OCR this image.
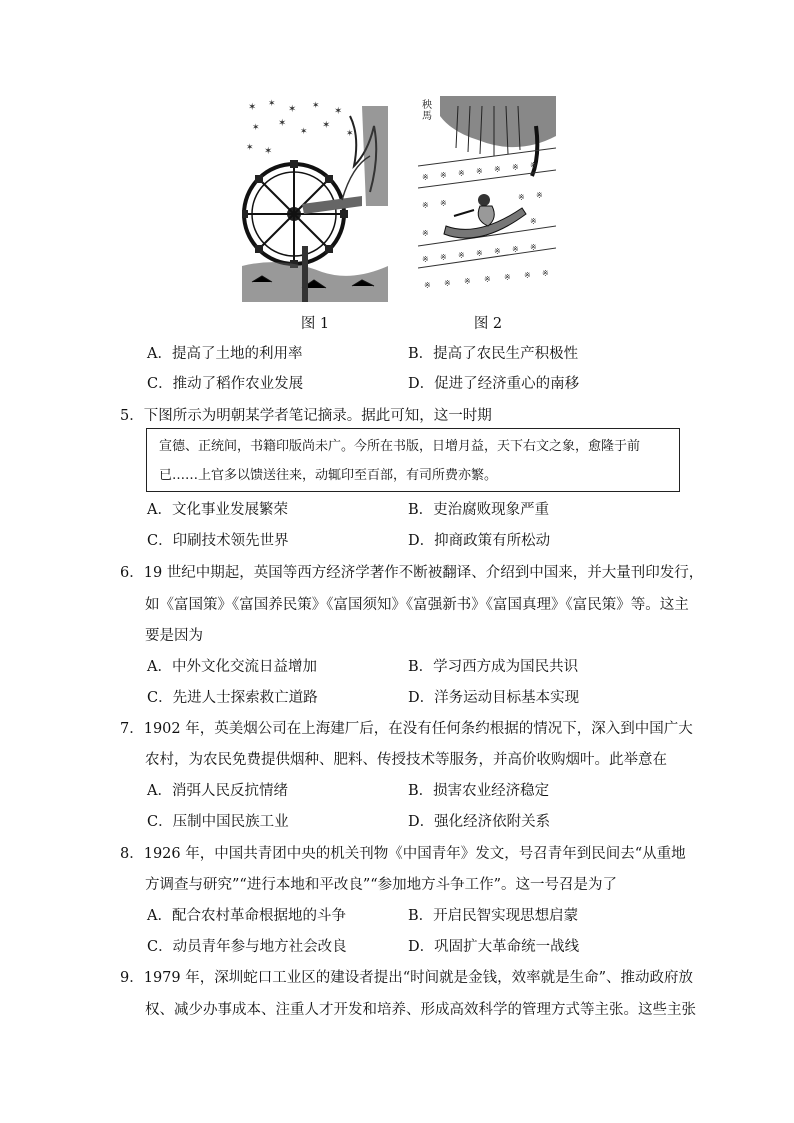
✶ ✶ ✶ ✶ ✶
✶ ✶
✶
✶
✶ ✶
✶
图 1
※ ※ ※ ※ ※ ※ ※
※ ※
※ ※
※
※
※ ※ ※ ※ ※ ※ ※
※ ※ ※ ※ ※ ※ ※
图 2
秧馬
A．提高了土地的利用率	B．提高了农民生产积极性
C．推动了稻作农业发展	D．促进了经济重心的南移
5．下图所示为明朝某学者笔记摘录。据此可知，这一时期
宣德、正统间，书籍印版尚未广。今所在书版，日增月益，天下右文之象，愈隆于前
已……上官多以馈送往来，动辄印至百部，有司所费亦繁。
A．文化事业发展繁荣	B．吏治腐败现象严重
C．印刷技术领先世界	D．抑商政策有所松动
6．19 世纪中期起，英国等西方经济学著作不断被翻译、介绍到中国来，并大量刊印发行，
如《富国策》《富国养民策》《富国须知》《富强新书》《富国真理》《富民策》等。这主
要是因为
A．中外文化交流日益增加	B．学习西方成为国民共识
C．先进人士探索救亡道路	D．洋务运动目标基本实现
7．1902 年，英美烟公司在上海建厂后，在没有任何条约根据的情况下，深入到中国广大
农村，为农民免费提供烟种、肥料、传授技术等服务，并高价收购烟叶。此举意在
A．消弭人民反抗情绪	B．损害农业经济稳定
C．压制中国民族工业	D．强化经济依附关系
8．1926 年，中国共青团中央的机关刊物《中国青年》发文，号召青年到民间去“从重地
方调查与研究”“进行本地和平改良”“参加地方斗争工作”。这一号召是为了
A．配合农村革命根据地的斗争	B．开启民智实现思想启蒙
C．动员青年参与地方社会改良	D．巩固扩大革命统一战线
9．1979 年，深圳蛇口工业区的建设者提出“时间就是金钱，效率就是生命”、推动政府放
权、减少办事成本、注重人才开发和培养、形成高效科学的管理方式等主张。这些主张
